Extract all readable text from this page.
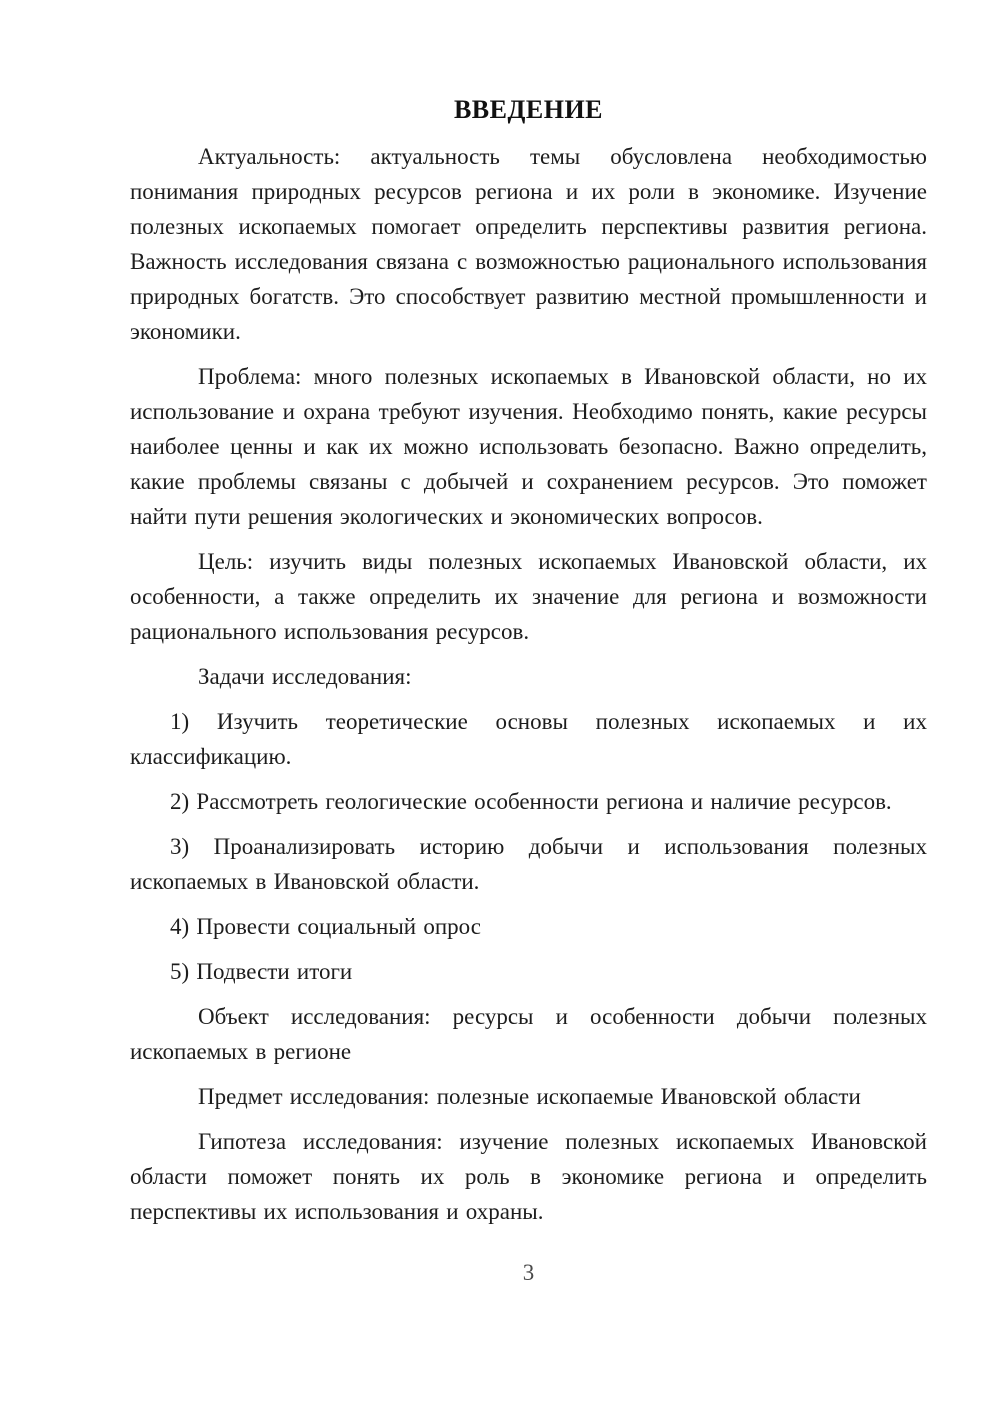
ВВЕДЕНИЕ

Актуальность: актуальность темы обусловлена необходимостью понимания природных ресурсов региона и их роли в экономике. Изучение полезных ископаемых помогает определить перспективы развития региона. Важность исследования связана с возможностью рационального использования природных богатств. Это способствует развитию местной промышленности и экономики.

Проблема: много полезных ископаемых в Ивановской области, но их использование и охрана требуют изучения. Необходимо понять, какие ресурсы наиболее ценны и как их можно использовать безопасно. Важно определить, какие проблемы связаны с добычей и сохранением ресурсов. Это поможет найти пути решения экологических и экономических вопросов.

Цель: изучить виды полезных ископаемых Ивановской области, их особенности, а также определить их значение для региона и возможности рационального использования ресурсов.

Задачи исследования:

1) Изучить теоретические основы полезных ископаемых и их классификацию.

2) Рассмотреть геологические особенности региона и наличие ресурсов.

3) Проанализировать историю добычи и использования полезных ископаемых в Ивановской области.

4) Провести социальный опрос

5) Подвести итоги

Объект исследования: ресурсы и особенности добычи полезных ископаемых в регионе

Предмет исследования: полезные ископаемые Ивановской области

Гипотеза исследования: изучение полезных ископаемых Ивановской области поможет понять их роль в экономике региона и определить перспективы их использования и охраны.

3
